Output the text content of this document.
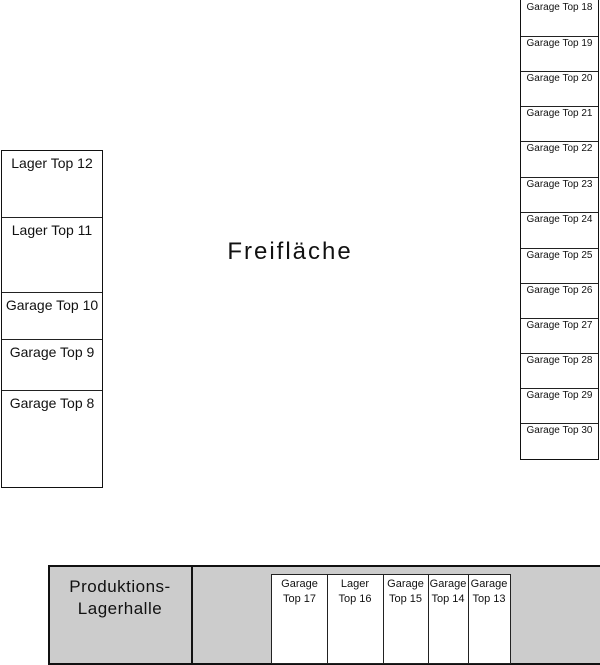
Lager Top 12
Lager Top 11
Garage Top 10
Garage Top 9
Garage Top 8
Freifläche
Garage Top 18
Garage Top 19
Garage Top 20
Garage Top 21
Garage Top 22
Garage Top 23
Garage Top 24
Garage Top 25
Garage Top 26
Garage Top 27
Garage Top 28
Garage Top 29
Garage Top 30
Produktions-
Lagerhalle
Garage
Top 17
Lager
Top 16
Garage
Top 15
Garage
Top 14
Garage
Top 13
